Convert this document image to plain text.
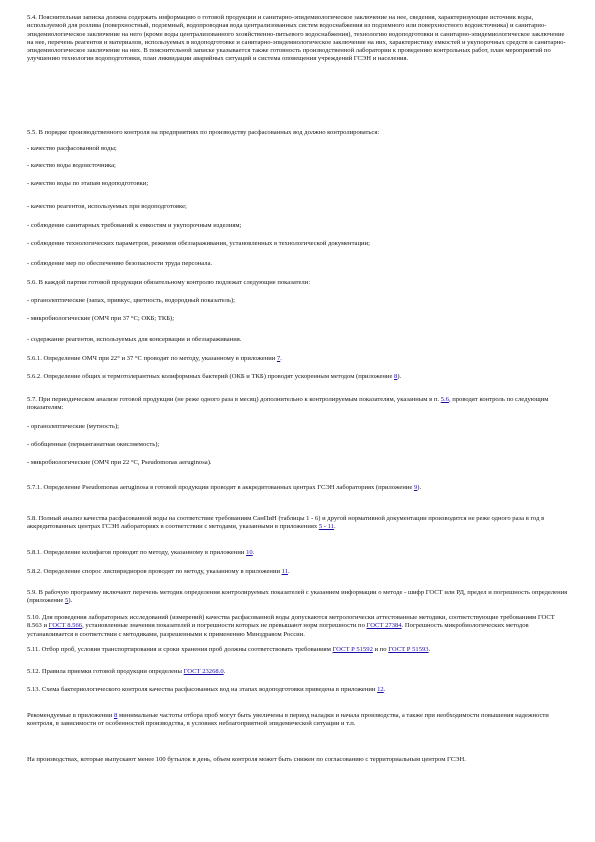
5.4. Пояснительная записка должна содержать информацию о готовой продукции и санитарно-эпидемиологическое заключение на нее, сведения, характеризующие источник воды, используемой для розлива (поверхностный, подземный, водопроводная вода централизованных систем водоснабжения из подземного или поверхностного водоисточника) и санитарно-эпидемиологическое заключение на него (кроме воды централизованного хозяйственно-питьевого водоснабжения), технологию водоподготовки и санитарно-эпидемиологическое заключение на нее, перечень реагентов и материалов, используемых в водоподготовке и санитарно-эпидемиологическое заключение на них, характеристику емкостей и укупорочных средств и санитарно-эпидемиологическое заключение на них. В пояснительной записке указывается также готовность производственной лаборатории к проведению контрольных работ, план мероприятий по улучшению технологии водоподготовки, план ликвидации аварийных ситуаций и система оповещения учреждений ГСЭН и населения.

5.5. В порядке производственного контроля на предприятиях по производству расфасованных вод должно контролироваться:

- качество расфасованной воды;

- качество воды водоисточника;

- качество воды по этапам водоподготовки;

- качество реагентов, используемых при водоподготовке;

- соблюдение санитарных требований к емкостям и укупорочным изделиям;

- соблюдение технологических параметров, режимов обеззараживания, установленных в технологической документации;

- соблюдение мер по обеспечению безопасности труда персонала.

5.6. В каждой партии готовой продукции обязательному контролю подлежат следующие показатели:

- органолептические (запах, привкус, цветность, водородный показатель);

- микробиологические (ОМЧ при 37 °С; ОКБ; ТКБ);

- содержание реагентов, используемых для консервации и обеззараживания.

5.6.1. Определение ОМЧ при 22° и 37 °С проводят по методу, указанному в приложении 7.

5.6.2. Определение общих и термотолерантных колиформных бактерий (ОКБ и ТКБ) проводят ускоренным методом (приложение 8).

5.7. При периодическом анализе готовой продукции (не реже одного раза в месяц) дополнительно к контролируемым показателям, указанным в п. 5.6, проводят контроль по следующим показателям:

- органолептические (мутность);

- обобщенные (перманганатная окисляемость);

- микробиологические (ОМЧ при 22 °С, Pseudomonas aeruginosa).

5.7.1. Определение Pseudomonas aeruginosa в готовой продукции проводят в аккредитованных центрах ГСЭН лабораториях (приложение 9).

5.8. Полный анализ качества расфасованной воды на соответствие требованиям СанПиН (таблицы 1 - 6) и другой нормативной документации производится не реже одного раза в год в аккредитованных центрах ГСЭН лабораториях в соответствии с методами, указанными в приложениях 5 - 11.

5.8.1. Определение колифагов проводят по методу, указанному в приложении 10.

5.8.2. Определение спорос лиспиридиоров проводят по методу, указанному в приложении 11.

5.9. В рабочую программу включают перечень методик определения контролируемых показателей с указанием информации о методе - шифр ГОСТ или РД, предел и погрешность определения (приложение 5).

5.10. Для проведения лабораторных исследований (измерений) качества расфасованной воды допускаются метрологически аттестованные методики, соответствующие требованиям ГОСТ 8.563 и ГОСТ 8.566, установленные значения показателей и погрешности которых не превышают норм погрешности по ГОСТ 27384. Погрешность микробиологических методов устанавливается в соответствии с методиками, разрешенными к применению Минздравом России.

5.11. Отбор проб, условия транспортирования и сроки хранения проб должны соответствовать требованиям ГОСТ Р 51592 и по ГОСТ Р 51593.

5.12. Правила приемки готовой продукции определены ГОСТ 23268.0.

5.13. Схема бактериологического контроля качества расфасованных вод на этапах водоподготовки приведена в приложении 12.

Рекомендуемые в приложении 8 минимальные частоты отбора проб могут быть увеличены в период наладки и начала производства, а также при необходимости повышения надежности контроля, в зависимости от особенностей производства, в условиях неблагоприятной эпидемической ситуации и т.п.

На производствах, которые выпускают менее 100 бутылок в день, объем контроля может быть снижен по согласованию с территориальным центром ГСЭН.
